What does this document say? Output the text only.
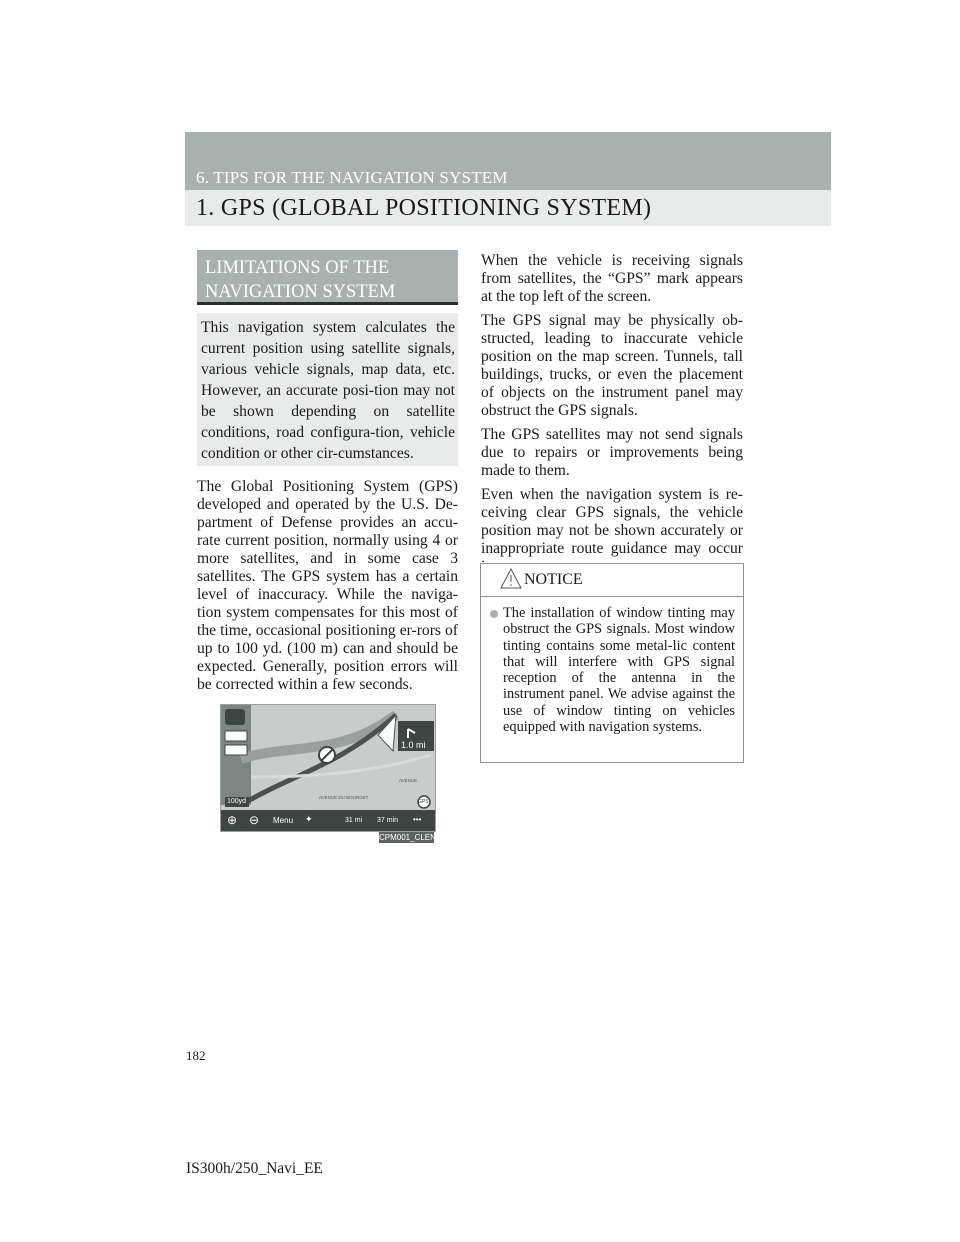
6. TIPS FOR THE NAVIGATION SYSTEM
1. GPS (GLOBAL POSITIONING SYSTEM)
LIMITATIONS OF THE
NAVIGATION SYSTEM
This navigation system calculates the current position using satellite signals, various vehicle signals, map data, etc. However, an accurate posi-tion may not be shown depending on satellite conditions, road configura-tion, vehicle condition or other cir-cumstances.

The Global Positioning System (GPS) developed and operated by the U.S. De-partment of Defense provides an accu-rate current position, normally using 4 or more satellites, and in some case 3 satellites. The GPS system has a certain level of inaccuracy. While the naviga-tion system compensates for this most of the time, occasional positioning er-rors of up to 100 yd. (100 m) can and should be expected. Generally, position errors will be corrected within a few seconds.

1.0 mi
100yd
AVENUE DU BOURGET
AVENUE
GPS
⊕ ⊖ Menu ✦	31 mi 37 min •••
CPM001_CLEN

When the vehicle is receiving signals from satellites, the “GPS” mark appears at the top left of the screen.

The GPS signal may be physically ob-structed, leading to inaccurate vehicle position on the map screen. Tunnels, tall buildings, trucks, or even the placement of objects on the instrument panel may obstruct the GPS signals.

The GPS satellites may not send signals due to repairs or improvements being made to them.

Even when the navigation system is re-ceiving clear GPS signals, the vehicle position may not be shown accurately or inappropriate route guidance may occur

NOTICE
The installation of window tinting may obstruct the GPS signals. Most window tinting contains some metal-lic content that will interfere with GPS signal reception of the antenna in the instrument panel. We advise against the use of window tinting on vehicles equipped with navigation systems.
182
IS300h/250_Navi_EE
